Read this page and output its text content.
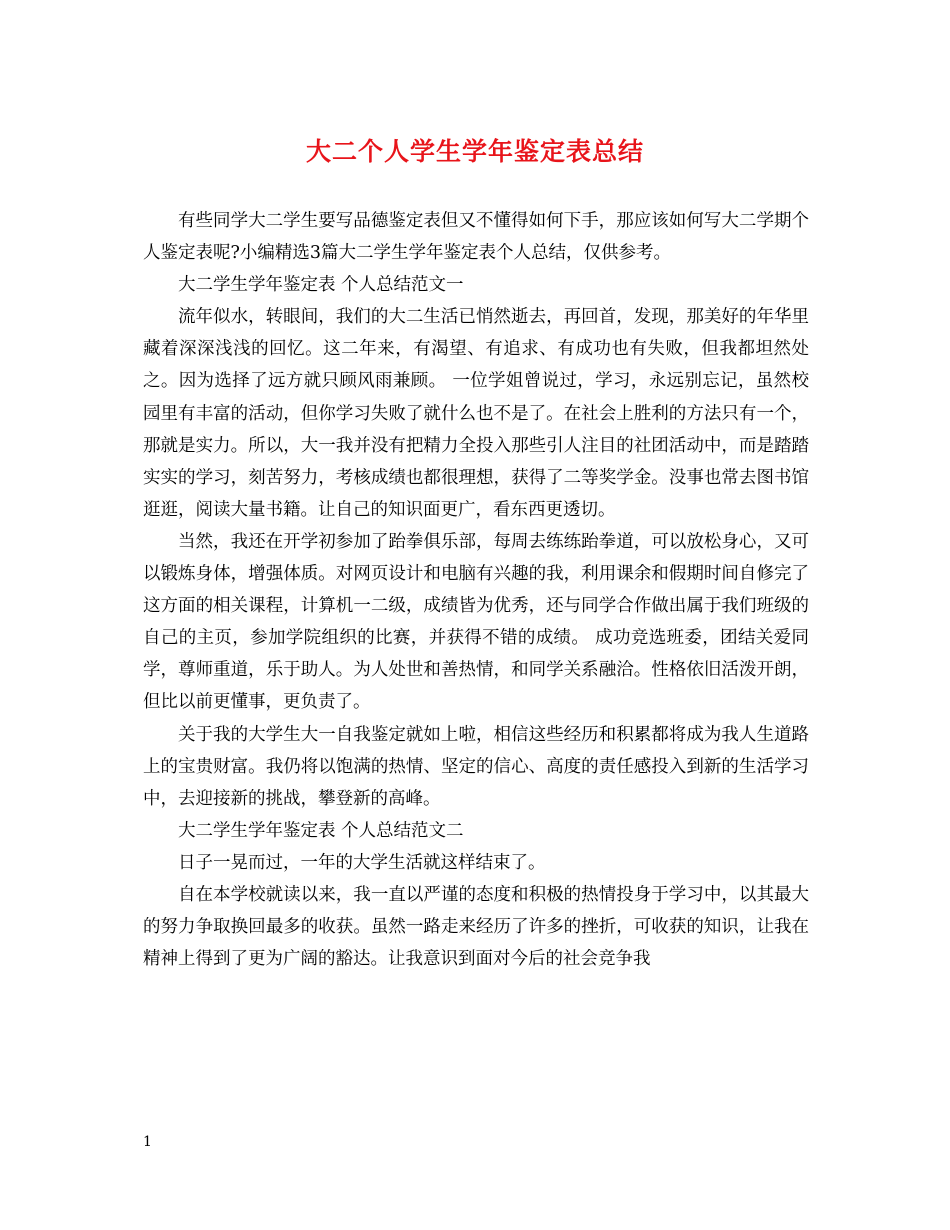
大二个人学生学年鉴定表总结

有些同学大二学生要写品德鉴定表但又不懂得如何下手，那应该如何写大二学期个人鉴定表呢?小编精选3篇大二学生学年鉴定表个人总结，仅供参考。

大二学生学年鉴定表 个人总结范文一

流年似水，转眼间，我们的大二生活已悄然逝去，再回首，发现，那美好的年华里藏着深深浅浅的回忆。这二年来，有渴望、有追求、有成功也有失败，但我都坦然处之。因为选择了远方就只顾风雨兼顾。 一位学姐曾说过，学习，永远别忘记，虽然校园里有丰富的活动，但你学习失败了就什么也不是了。在社会上胜利的方法只有一个，那就是实力。所以，大一我并没有把精力全投入那些引人注目的社团活动中，而是踏踏实实的学习，刻苦努力，考核成绩也都很理想，获得了二等奖学金。没事也常去图书馆逛逛，阅读大量书籍。让自己的知识面更广，看东西更透切。

当然，我还在开学初参加了跆拳俱乐部，每周去练练跆拳道，可以放松身心，又可以锻炼身体，增强体质。对网页设计和电脑有兴趣的我，利用课余和假期时间自修完了这方面的相关课程，计算机一二级，成绩皆为优秀，还与同学合作做出属于我们班级的自己的主页，参加学院组织的比赛，并获得不错的成绩。 成功竞选班委，团结关爱同学，尊师重道，乐于助人。为人处世和善热情，和同学关系融洽。性格依旧活泼开朗，但比以前更懂事，更负责了。

关于我的大学生大一自我鉴定就如上啦，相信这些经历和积累都将成为我人生道路上的宝贵财富。我仍将以饱满的热情、坚定的信心、高度的责任感投入到新的生活学习中，去迎接新的挑战，攀登新的高峰。

大二学生学年鉴定表 个人总结范文二

日子一晃而过，一年的大学生活就这样结束了。

自在本学校就读以来，我一直以严谨的态度和积极的热情投身于学习中，以其最大的努力争取换回最多的收获。虽然一路走来经历了许多的挫折，可收获的知识，让我在精神上得到了更为广阔的豁达。让我意识到面对今后的社会竞争我

1
